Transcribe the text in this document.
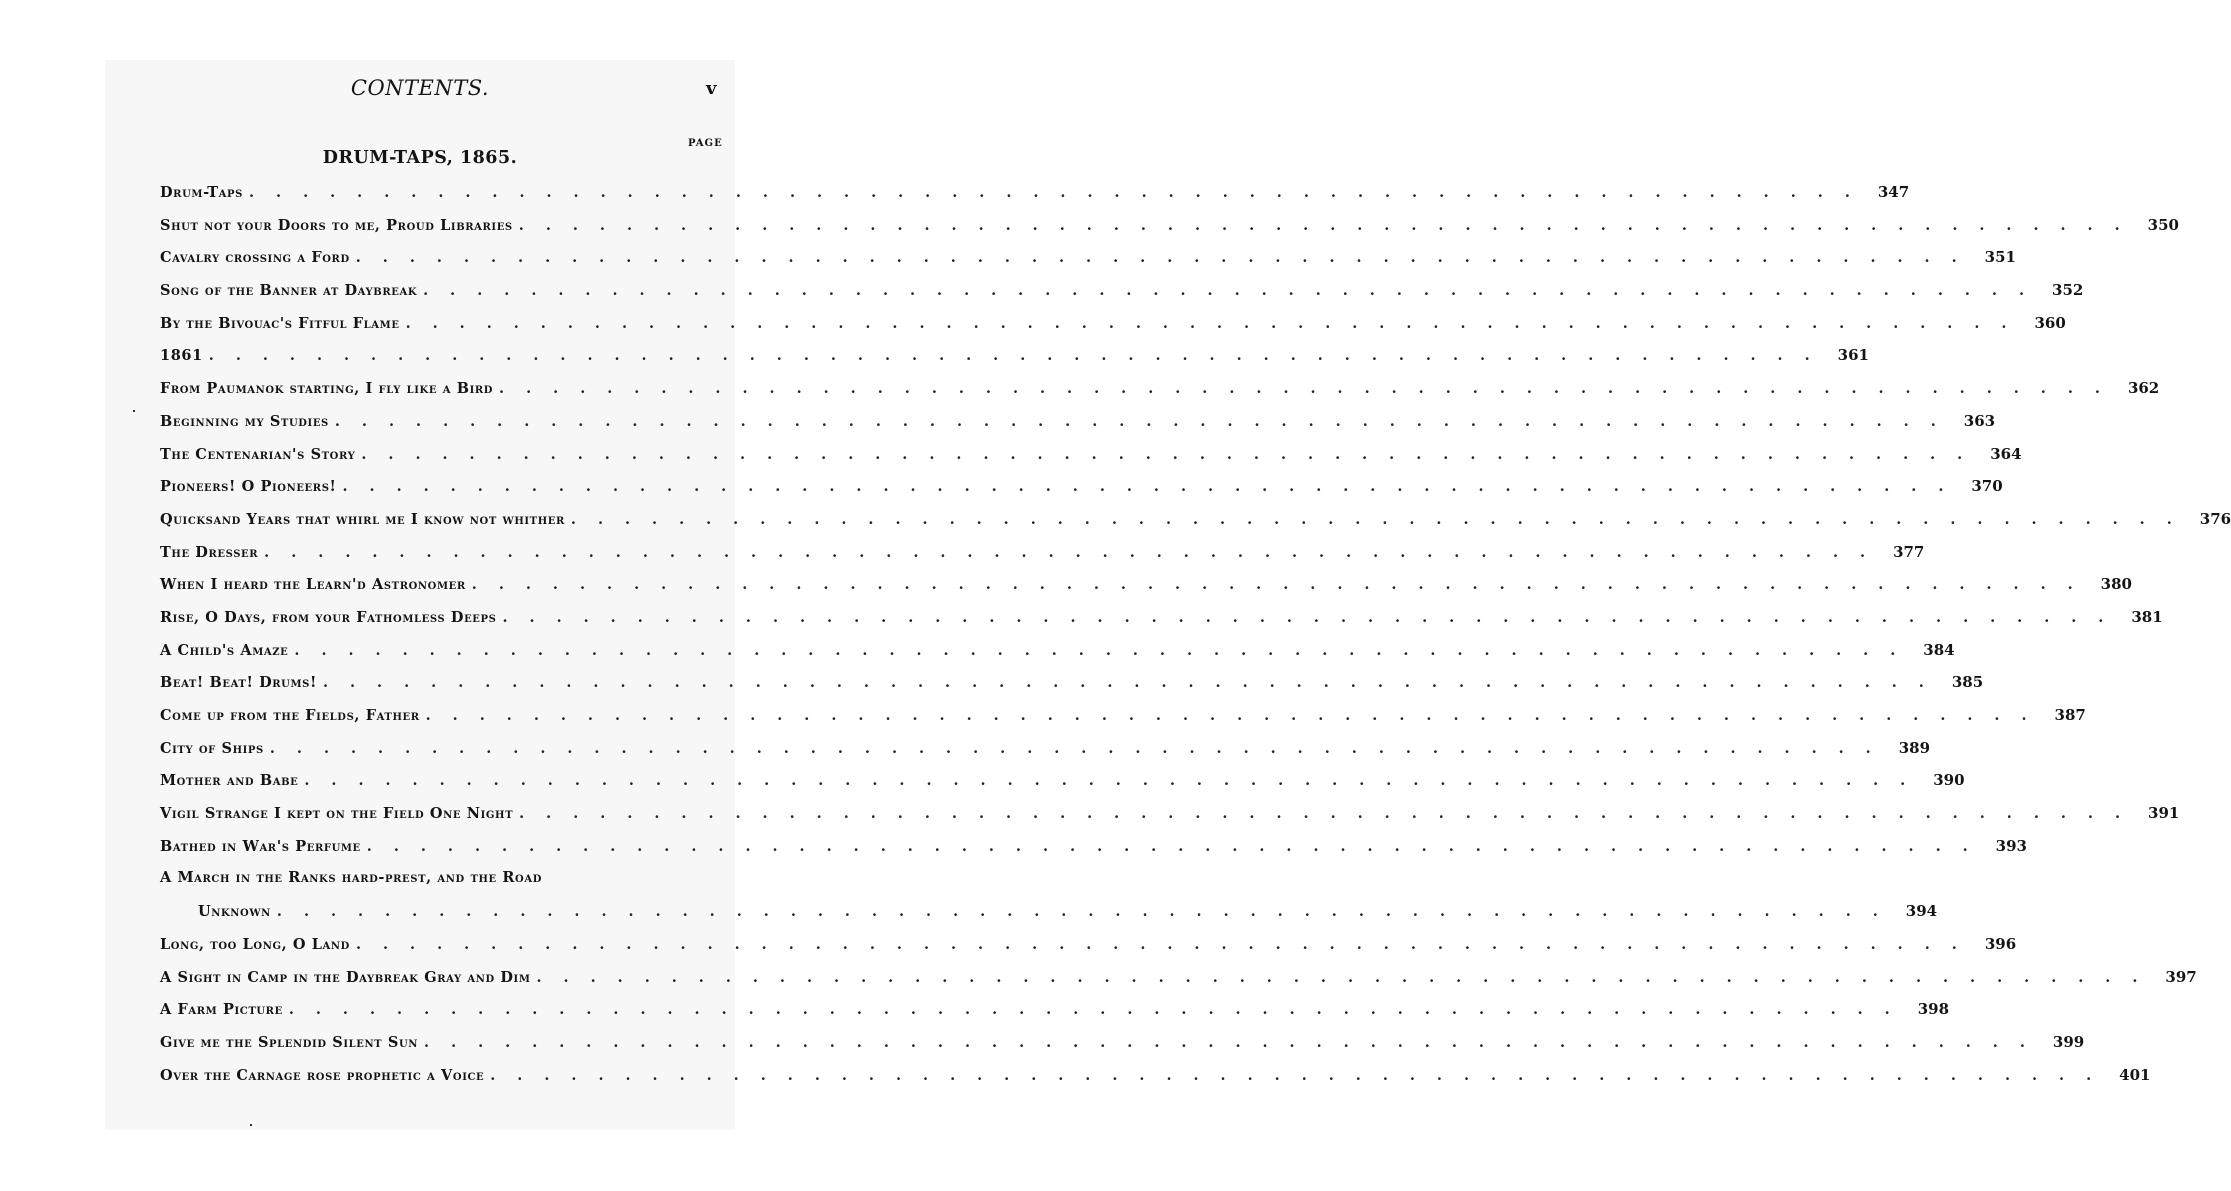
CONTENTS.	v
PAGE
DRUM-TAPS, 1865.
Drum-Taps ............................................................ 347
Shut not your Doors to me, Proud Libraries ............................................................ 350
Cavalry crossing a Ford ............................................................ 351
Song of the Banner at Daybreak ............................................................ 352
By the Bivouac's Fitful Flame ............................................................ 360
1861 ............................................................ 361
From Paumanok starting, I fly like a Bird ............................................................ 362
Beginning my Studies ............................................................ 363
The Centenarian's Story ............................................................ 364
Pioneers! O Pioneers! ............................................................ 370
Quicksand Years that whirl me I know not whither ............................................................ 376
The Dresser ............................................................ 377
When I heard the Learn'd Astronomer ............................................................ 380
Rise, O Days, from your Fathomless Deeps ............................................................ 381
A Child's Amaze ............................................................ 384
Beat! Beat! Drums! ............................................................ 385
Come up from the Fields, Father ............................................................ 387
City of Ships ............................................................ 389
Mother and Babe ............................................................ 390
Vigil Strange I kept on the Field One Night ............................................................ 391
Bathed in War's Perfume ............................................................ 393
A March in the Ranks hard-prest, and the Road
Unknown ............................................................ 394
Long, too Long, O Land ............................................................ 396
A Sight in Camp in the Daybreak Gray and Dim ............................................................ 397
A Farm Picture ............................................................ 398
Give me the Splendid Silent Sun ............................................................ 399
Over the Carnage rose prophetic a Voice ............................................................ 401
